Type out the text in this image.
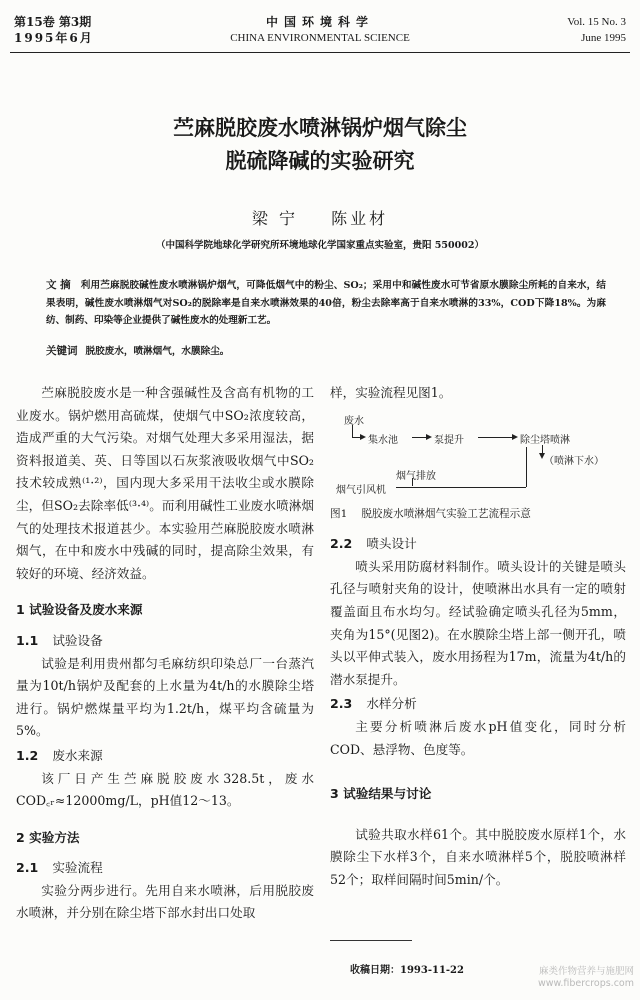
第15卷 第3期
1995年6月
中国环境科学
CHINA ENVIRONMENTAL SCIENCE
Vol. 15 No. 3
June 1995
苎麻脱胶废水喷淋锅炉烟气除尘
脱硫降碱的实验研究
梁 宁 陈业材
（中国科学院地球化学研究所环境地球化学国家重点实验室，贵阳 550002）
文 摘 利用苎麻脱胶碱性废水喷淋锅炉烟气，可降低烟气中的粉尘、SO₂；采用中和碱性废水可节省原水膜除尘所耗的自来水，结果表明，碱性废水喷淋烟气对SO₂的脱除率是自来水喷淋效果的40倍，粉尘去除率高于自来水喷淋的33%，COD下降18%。为麻纺、制药、印染等企业提供了碱性废水的处理新工艺。
关键词 脱胶废水，喷淋烟气，水膜除尘。

苎麻脱胶废水是一种含强碱性及含高有机物的工业废水。锅炉燃用高硫煤，使烟气中SO₂浓度较高，造成严重的大气污染。对烟气处理大多采用湿法，据资料报道美、英、日等国以石灰浆液吸收烟气中SO₂技术较成熟⁽¹·²⁾，国内现大多采用干法收尘或水膜除尘，但SO₂去除率低⁽³·⁴⁾。而利用碱性工业废水喷淋烟气的处理技术报道甚少。本实验用苎麻脱胶废水喷淋烟气，在中和废水中残碱的同时，提高除尘效果，有较好的环境、经济效益。

1 试验设备及废水来源
1.1 试验设备

试验是利用贵州都匀毛麻纺织印染总厂一台蒸汽量为10t/h锅炉及配套的上水量为4t/h的水膜除尘塔进行。锅炉燃煤量平均为1.2t/h，煤平均含硫量为5%。

1.2 废水来源

该厂日产生苎麻脱胶废水328.5t，废水COD꜀ᵣ≈12000mg/L，pH值12～13。

2 实验方法
2.1 实验流程

实验分两步进行。先用自来水喷淋，后用脱胶废水喷淋，并分别在除尘塔下部水封出口处取

样，实验流程见图1。

废水
集水池	泵提升	除尘塔喷淋
（喷淋下水）
烟气排放
烟气引风机
图1 脱胶废水喷淋烟气实验工艺流程示意
2.2 喷头设计

喷头采用防腐材料制作。喷头设计的关键是喷头孔径与喷射夹角的设计，使喷淋出水具有一定的喷射覆盖面且布水均匀。经试验确定喷头孔径为5mm，夹角为15°(见图2)。在水膜除尘塔上部一侧开孔，喷头以平伸式装入，废水用扬程为17m，流量为4t/h的潜水泵提升。

2.3 水样分析

主要分析喷淋后废水pH值变化，同时分析COD、悬浮物、色度等。

3 试验结果与讨论

试验共取水样61个。其中脱胶废水原样1个，水膜除尘下水样3个，自来水喷淋样5个，脱胶喷淋样52个；取样间隔时间5min/个。

收稿日期：1993-11-22	麻类作物营养与施肥网
www.fibercrops.com
